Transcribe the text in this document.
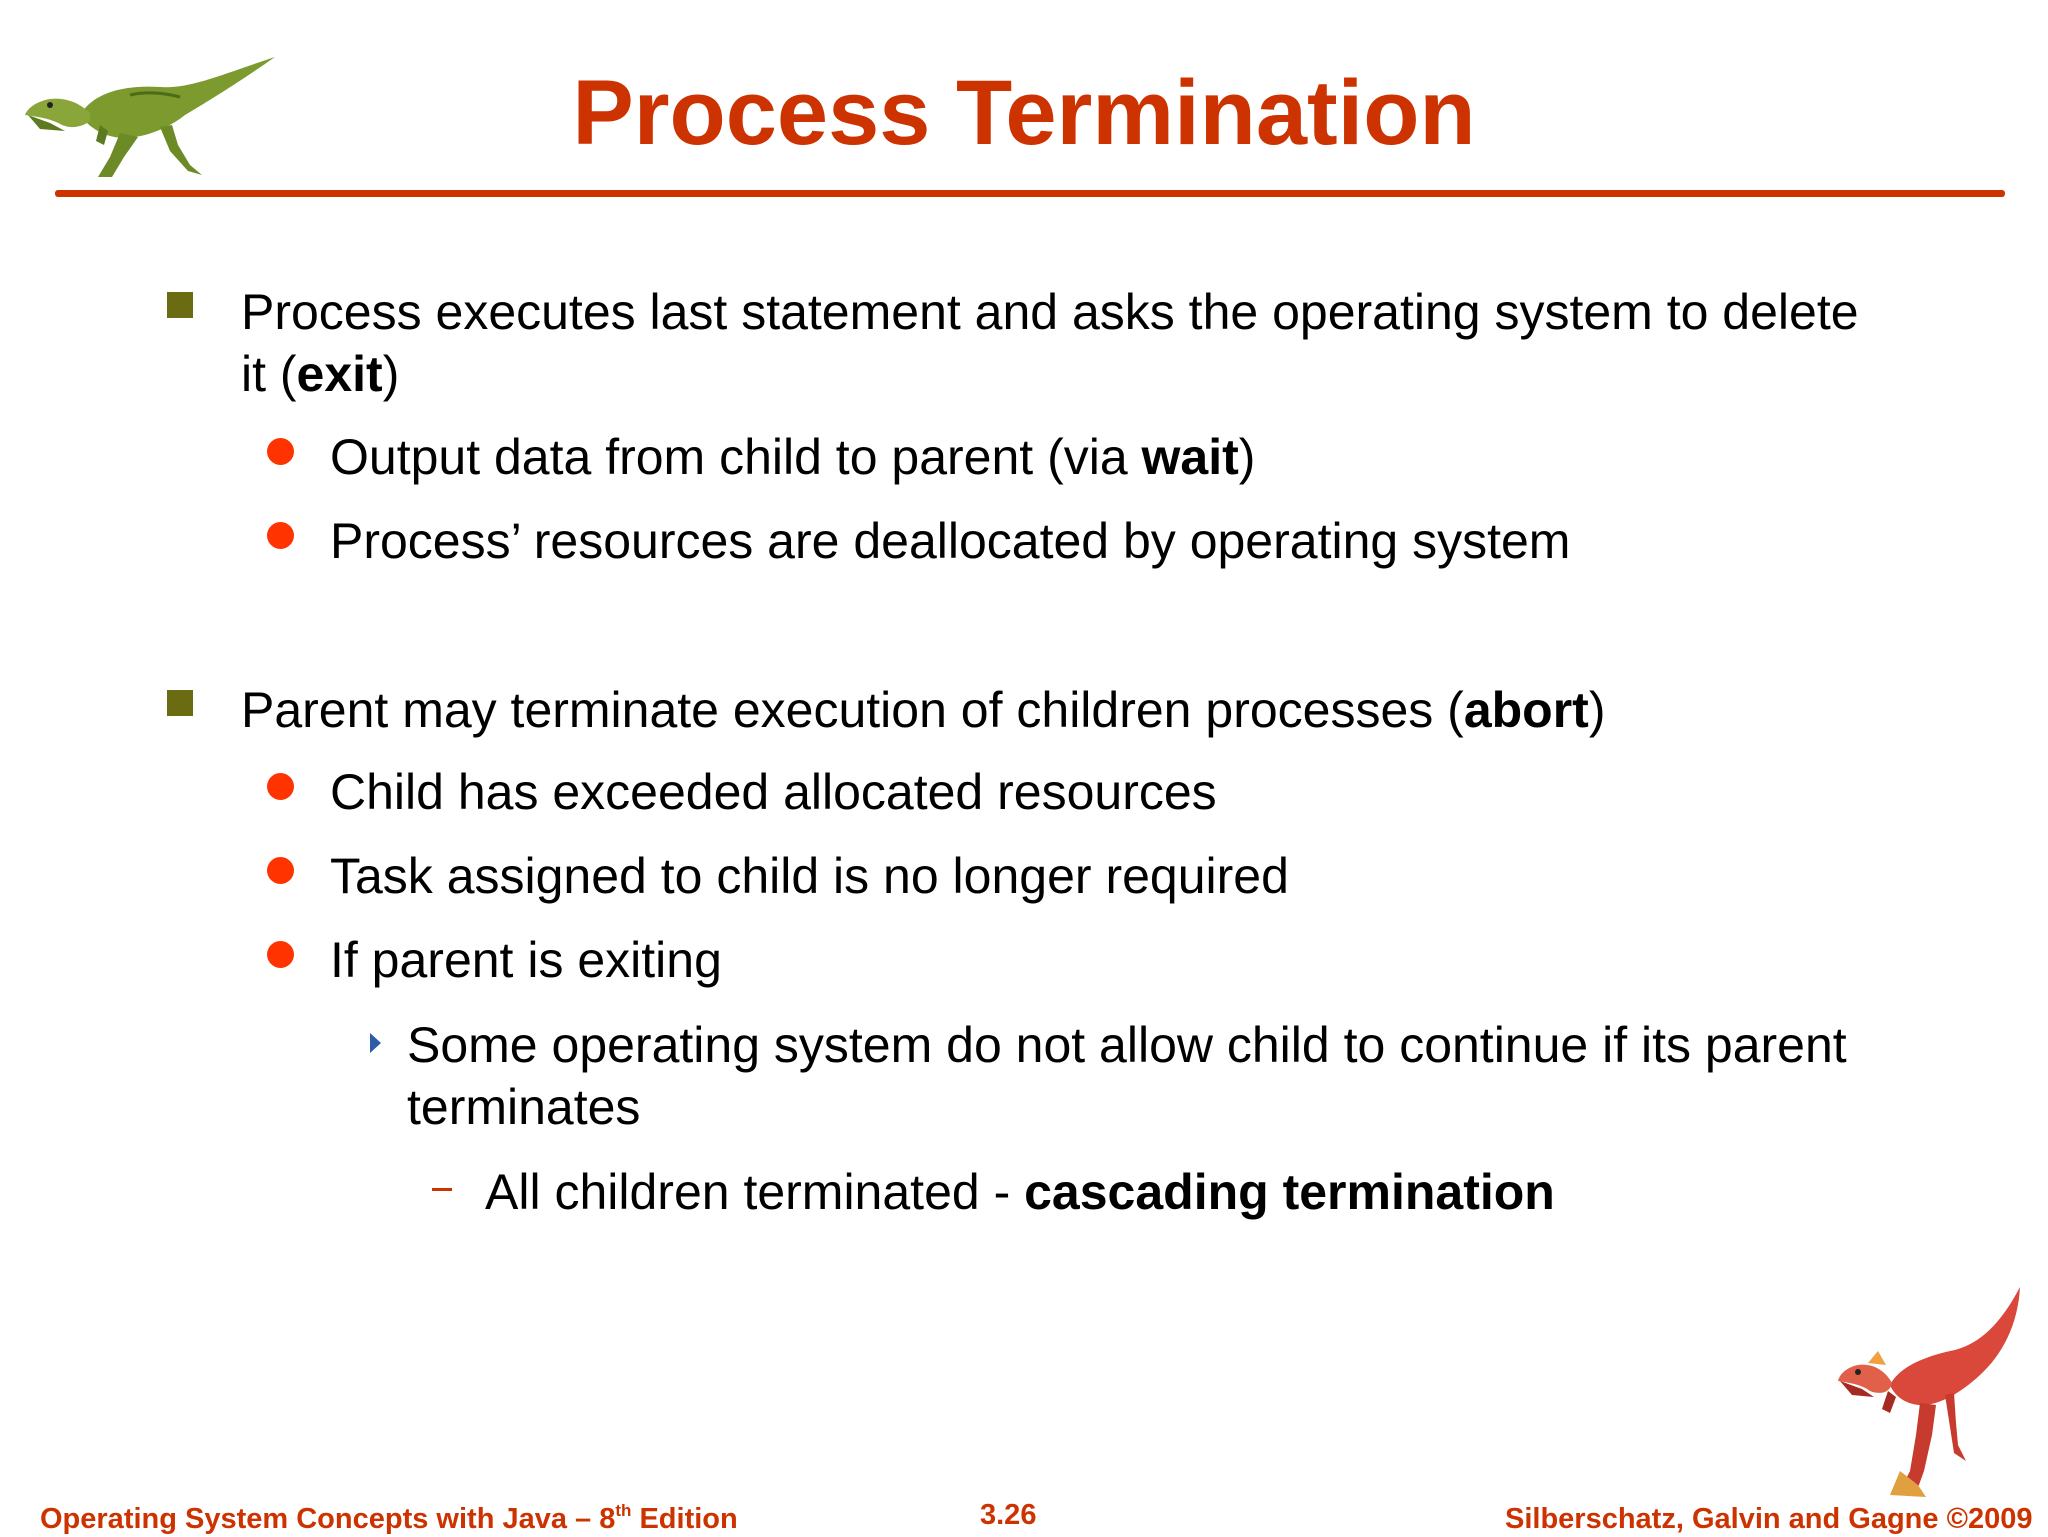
Process Termination
Process executes last statement and asks the operating system to delete it (exit)
Output data from child to parent (via wait)
Process’ resources are deallocated by operating system
Parent may terminate execution of children processes (abort)
Child has exceeded allocated resources
Task assigned to child is no longer required
If parent is exiting
Some operating system do not allow child to continue if its parent terminates
All children terminated - cascading termination
Operating System Concepts with Java – 8th Edition	3.26	Silberschatz, Galvin and Gagne ©2009
